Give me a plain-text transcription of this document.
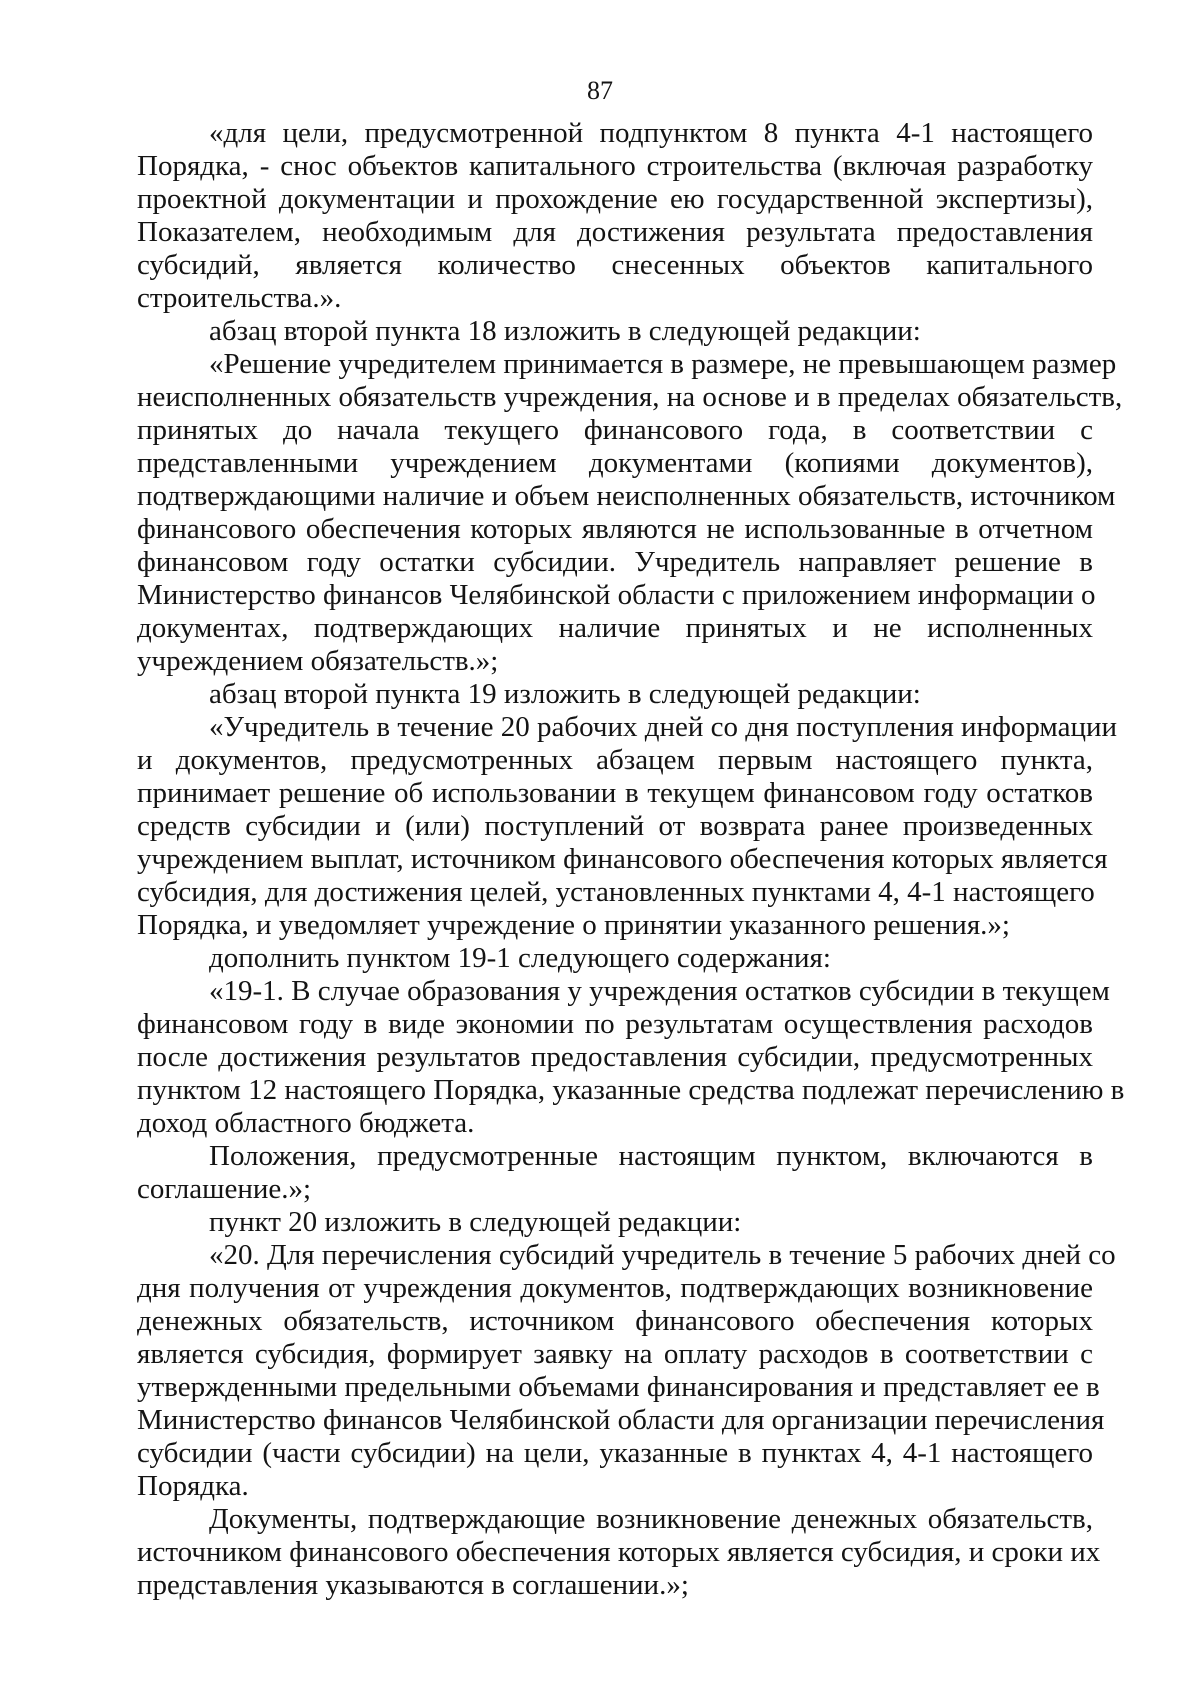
87

«для цели, предусмотренной подпунктом 8 пункта 4-1 настоящего
Порядка, - снос объектов капитального строительства (включая разработку
проектной документации и прохождение ею государственной экспертизы),
Показателем, необходимым для достижения результата предоставления
субсидий, является количество снесенных объектов капитального
строительства.».

абзац второй пункта 18 изложить в следующей редакции:

«Решение учредителем принимается в размере, не превышающем размер
неисполненных обязательств учреждения, на основе и в пределах обязательств,
принятых до начала текущего финансового года, в соответствии с
представленными учреждением документами (копиями документов),
подтверждающими наличие и объем неисполненных обязательств, источником
финансового обеспечения которых являются не использованные в отчетном
финансовом году остатки субсидии. Учредитель направляет решение в
Министерство финансов Челябинской области с приложением информации о
документах, подтверждающих наличие принятых и не исполненных
учреждением обязательств.»;

абзац второй пункта 19 изложить в следующей редакции:

«Учредитель в течение 20 рабочих дней со дня поступления информации
и документов, предусмотренных абзацем первым настоящего пункта,
принимает решение об использовании в текущем финансовом году остатков
средств субсидии и (или) поступлений от возврата ранее произведенных
учреждением выплат, источником финансового обеспечения которых является
субсидия, для достижения целей, установленных пунктами 4, 4-1 настоящего
Порядка, и уведомляет учреждение о принятии указанного решения.»;

дополнить пунктом 19-1 следующего содержания:

«19-1. В случае образования у учреждения остатков субсидии в текущем
финансовом году в виде экономии по результатам осуществления расходов
после достижения результатов предоставления субсидии, предусмотренных
пунктом 12 настоящего Порядка, указанные средства подлежат перечислению в
доход областного бюджета.

Положения, предусмотренные настоящим пунктом, включаются в
соглашение.»;

пункт 20 изложить в следующей редакции:

«20. Для перечисления субсидий учредитель в течение 5 рабочих дней со
дня получения от учреждения документов, подтверждающих возникновение
денежных обязательств, источником финансового обеспечения которых
является субсидия, формирует заявку на оплату расходов в соответствии с
утвержденными предельными объемами финансирования и представляет ее в
Министерство финансов Челябинской области для организации перечисления
субсидии (части субсидии) на цели, указанные в пунктах 4, 4-1 настоящего
Порядка.

Документы, подтверждающие возникновение денежных обязательств,
источником финансового обеспечения которых является субсидия, и сроки их
представления указываются в соглашении.»;
